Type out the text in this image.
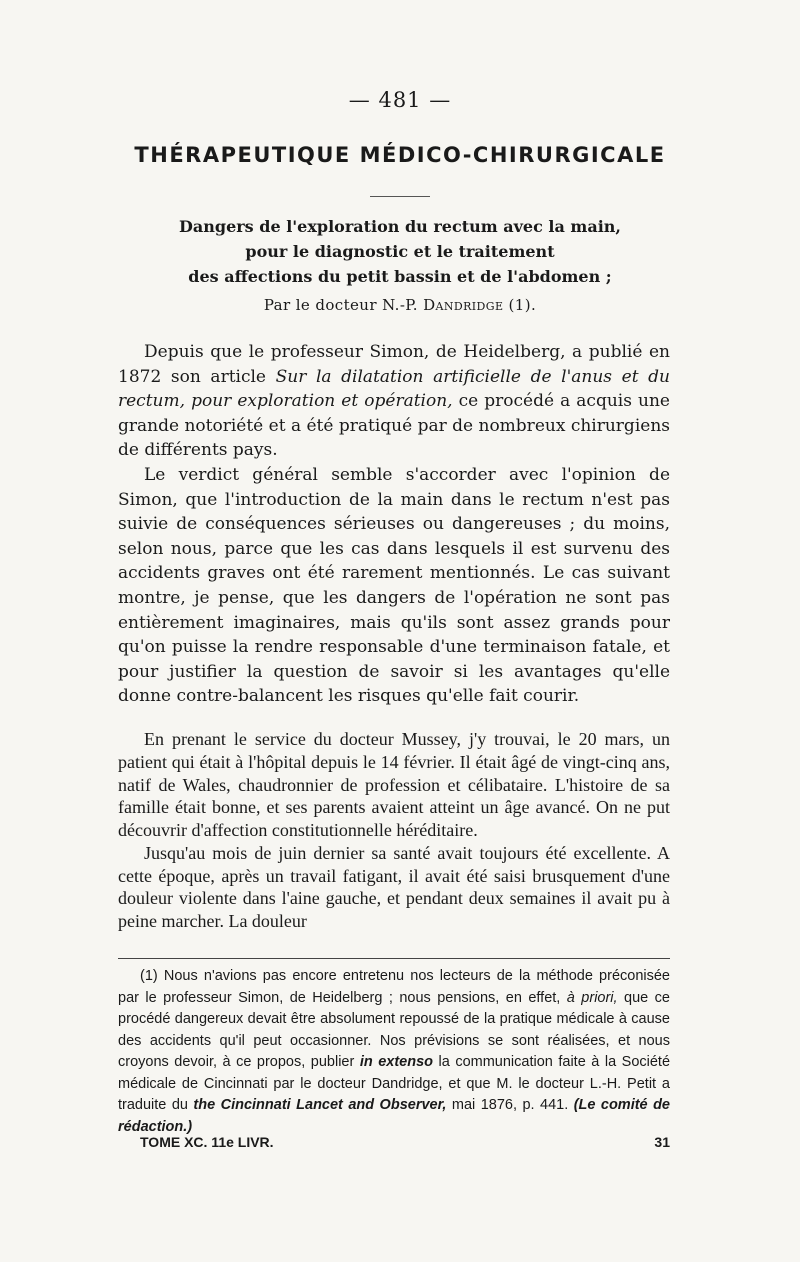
— 481 —
THÉRAPEUTIQUE MÉDICO-CHIRURGICALE
Dangers de l'exploration du rectum avec la main,
pour le diagnostic et le traitement
des affections du petit bassin et de l'abdomen ;
Par le docteur N.-P. Dandridge (1).

Depuis que le professeur Simon, de Heidelberg, a publié en 1872 son article Sur la dilatation artificielle de l'anus et du rectum, pour exploration et opération, ce procédé a acquis une grande notoriété et a été pratiqué par de nombreux chirurgiens de différents pays.

Le verdict général semble s'accorder avec l'opinion de Simon, que l'introduction de la main dans le rectum n'est pas suivie de conséquences sérieuses ou dangereuses ; du moins, selon nous, parce que les cas dans lesquels il est survenu des accidents graves ont été rarement mentionnés. Le cas suivant montre, je pense, que les dangers de l'opération ne sont pas entièrement imaginaires, mais qu'ils sont assez grands pour qu'on puisse la rendre responsable d'une terminaison fatale, et pour justifier la question de savoir si les avantages qu'elle donne contre-balancent les risques qu'elle fait courir.

En prenant le service du docteur Mussey, j'y trouvai, le 20 mars, un patient qui était à l'hôpital depuis le 14 février. Il était âgé de vingt-cinq ans, natif de Wales, chaudronnier de profession et célibataire. L'histoire de sa famille était bonne, et ses parents avaient atteint un âge avancé. On ne put découvrir d'affection constitutionnelle héréditaire.

Jusqu'au mois de juin dernier sa santé avait toujours été excellente. A cette époque, après un travail fatigant, il avait été saisi brusquement d'une douleur violente dans l'aine gauche, et pendant deux semaines il avait pu à peine marcher. La douleur

(1) Nous n'avions pas encore entretenu nos lecteurs de la méthode préconisée par le professeur Simon, de Heidelberg ; nous pensions, en effet, à priori, que ce procédé dangereux devait être absolument repoussé de la pratique médicale à cause des accidents qu'il peut occasionner. Nos prévisions se sont réalisées, et nous croyons devoir, à ce propos, publier in extenso la communication faite à la Société médicale de Cincinnati par le docteur Dandridge, et que M. le docteur L.-H. Petit a traduite du the Cincinnati Lancet and Observer, mai 1876, p. 441. (Le comité de rédaction.)

TOME XC. 11e LIVR.	31
